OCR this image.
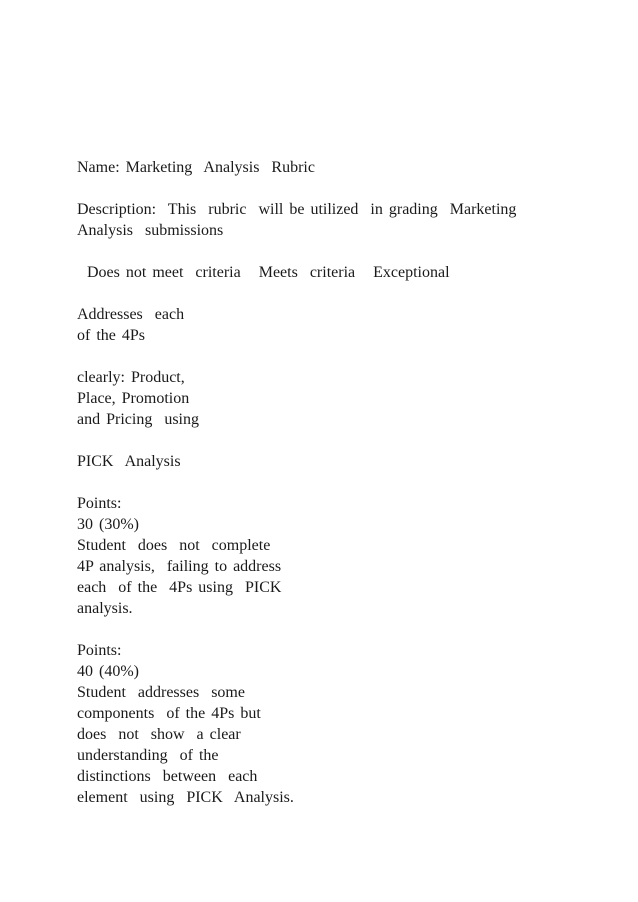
Name: Marketing  Analysis  Rubric
Description:  This  rubric  will be utilized  in grading  Marketing
Analysis  submissions
Does not meet  criteria   Meets  criteria   Exceptional
Addresses  each
of the 4Ps
clearly: Product,
Place, Promotion
and Pricing  using
PICK  Analysis
Points:
30 (30%)
Student  does  not  complete
4P analysis,  failing to address
each  of the  4Ps using  PICK
analysis.
Points:
40 (40%)
Student  addresses  some
components  of the 4Ps but
does  not  show  a clear
understanding  of the
distinctions  between  each
element  using  PICK  Analysis.
